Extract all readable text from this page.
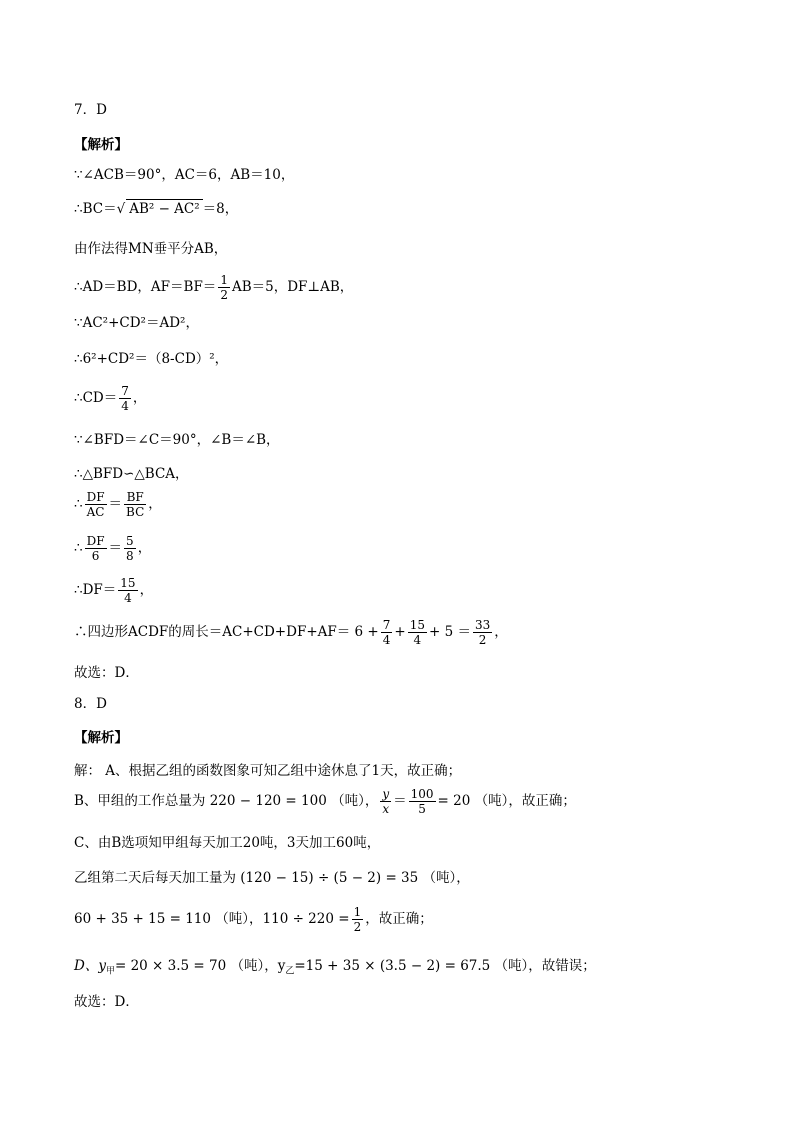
7．D
【解析】
∵∠ACB＝90°，AC＝6，AB＝10，
∴BC＝√ AB² − AC² ＝8，
由作法得MN垂平分AB，
∴AD＝BD，$AF=BF= \frac{1}{2} AB=5$，DF⊥AB，
∵AC²+CD²＝AD²，
∴6²+CD²＝（8-CD）²，
∴CD＝ $\frac{7}{4}$ ，
∵∠BFD＝∠C＝90°，∠B＝∠B，
∴△BFD∽△BCA，
∴ $\frac{DF}{AC} = \frac{BF}{BC}$ ，
∴ $\frac{DF}{6} = \frac{5}{8}$ ，
∴DF＝ $\frac{15}{4}$ ，
∴四边形ACDF的周长$=AC+CD+DF+AF= 6 + \frac{7}{4} + \frac{15}{4} + 5 = \frac{33}{2}$ ，
故选：D．
8．D
【解析】
解： A、根据乙组的函数图象可知乙组中途休息了1天，故正确；
B、甲组的工作总量为 220 − 120 = 100 （吨）， $\frac{y}{x} = \frac{100}{5} = 20$ （吨），故正确；
C、由B选项知甲组每天加工20吨，3天加工60吨，
乙组第二天后每天加工量为 (120 − 15) ÷ (5 − 2) = 35 （吨），
60 + 35 + 15 = 110 （吨），$110 \div 220 = \frac{1}{2}$ ，故正确；
D、$y_甲= 20 \times 3.5 = 70$ （吨），$y_乙=15 + 35 \times (3.5 - 2) = 67.5$ （吨），故错误；
故选：D．
